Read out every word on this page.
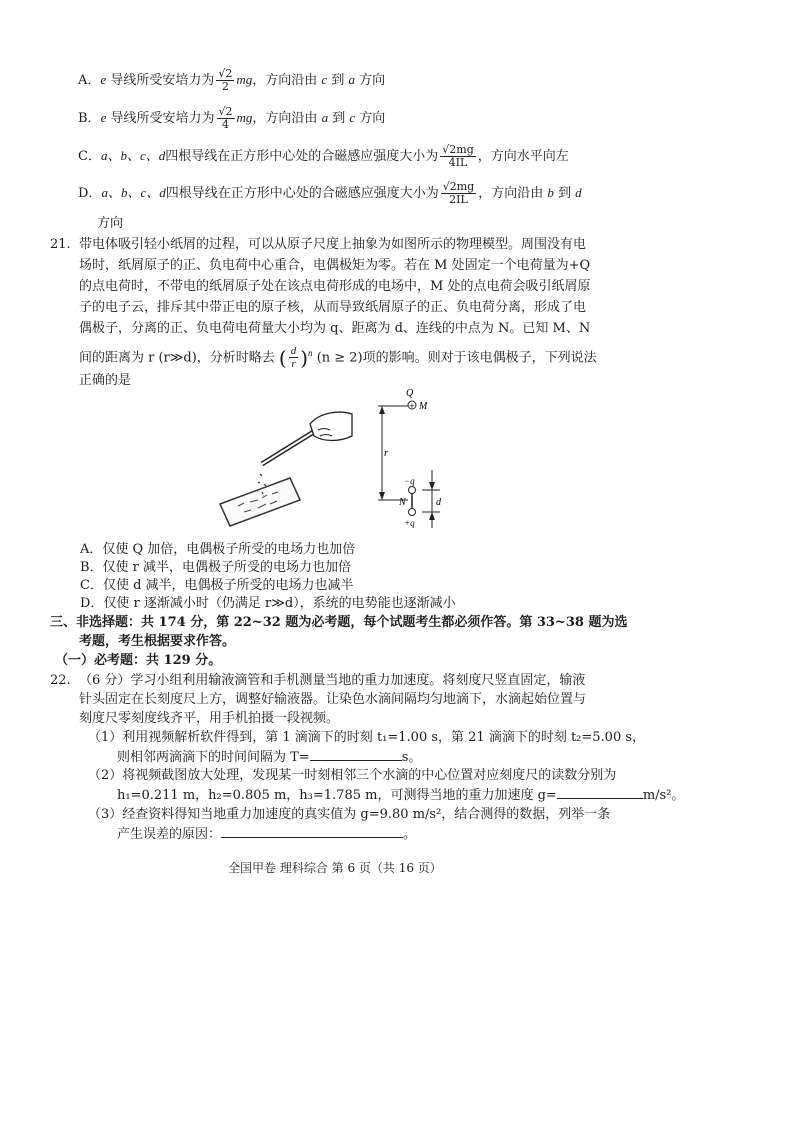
A．e 导线所受安培力为 $\frac{√2}{2}$ mg，方向沿由 c 到 a 方向
B．e 导线所受安培力为 $\frac{√2}{4}$ mg，方向沿由 a 到 c 方向
C．a、b、c、d四根导线在正方形中心处的合磁感应强度大小为 $\frac{√2mg}{4IL}$ ，方向水平向左
D．a、b、c、d四根导线在正方形中心处的合磁感应强度大小为 $\frac{√2mg}{2IL}$ ，方向沿由 b 到 d
方向
21. 带电体吸引轻小纸屑的过程，可以从原子尺度上抽象为如图所示的物理模型。周围没有电
场时，纸屑原子的正、负电荷中心重合，电偶极矩为零。若在 M 处固定一个电荷量为+Q
的点电荷时，不带电的纸屑原子处在该点电荷形成的电场中，M 处的点电荷会吸引纸屑原
子的电子云，排斥其中带正电的原子核，从而导致纸屑原子的正、负电荷分离，形成了电
偶极子，分离的正、负电荷电荷量大小均为 q、距离为 d、连线的中点为 N。已知 M、N
间的距离为 r (r≫d)，分析时略去 ( $\frac{d}{r} )^n$ (n ≥ 2)项的影响。则对于该电偶极子，下列说法
正确的是
r
Q
+ M
−q
+q
N	d
A．仅使 Q 加倍，电偶极子所受的电场力也加倍
B．仅使 r 减半，电偶极子所受的电场力也加倍
C．仅使 d 减半，电偶极子所受的电场力也减半
D．仅使 r 逐渐减小时（仍满足 r≫d），系统的电势能也逐渐减小
三、非选择题：共 174 分，第 22~32 题为必考题，每个试题考生都必须作答。第 33~38 题为选
考题，考生根据要求作答。
（一）必考题：共 129 分。
22. （6 分）学习小组利用输液滴管和手机测量当地的重力加速度。将刻度尺竖直固定，输液
针头固定在长刻度尺上方，调整好输液器。让染色水滴间隔均匀地滴下，水滴起始位置与
刻度尺零刻度线齐平，用手机拍摄一段视频。
（1）利用视频解析软件得到，第 1 滴滴下的时刻 t₁=1.00 s，第 21 滴滴下的时刻 t₂=5.00 s，
则相邻两滴滴下的时间间隔为 T=	s。
（2）将视频截图放大处理，发现某一时刻相邻三个水滴的中心位置对应刻度尺的读数分别为
h₁=0.211 m，h₂=0.805 m，h₃=1.785 m，可测得当地的重力加速度 g=	m/s²。
（3）经查资料得知当地重力加速度的真实值为 g=9.80 m/s²，结合测得的数据，列举一条
产生误差的原因：	。
全国甲卷 理科综合 第 6 页（共 16 页）
